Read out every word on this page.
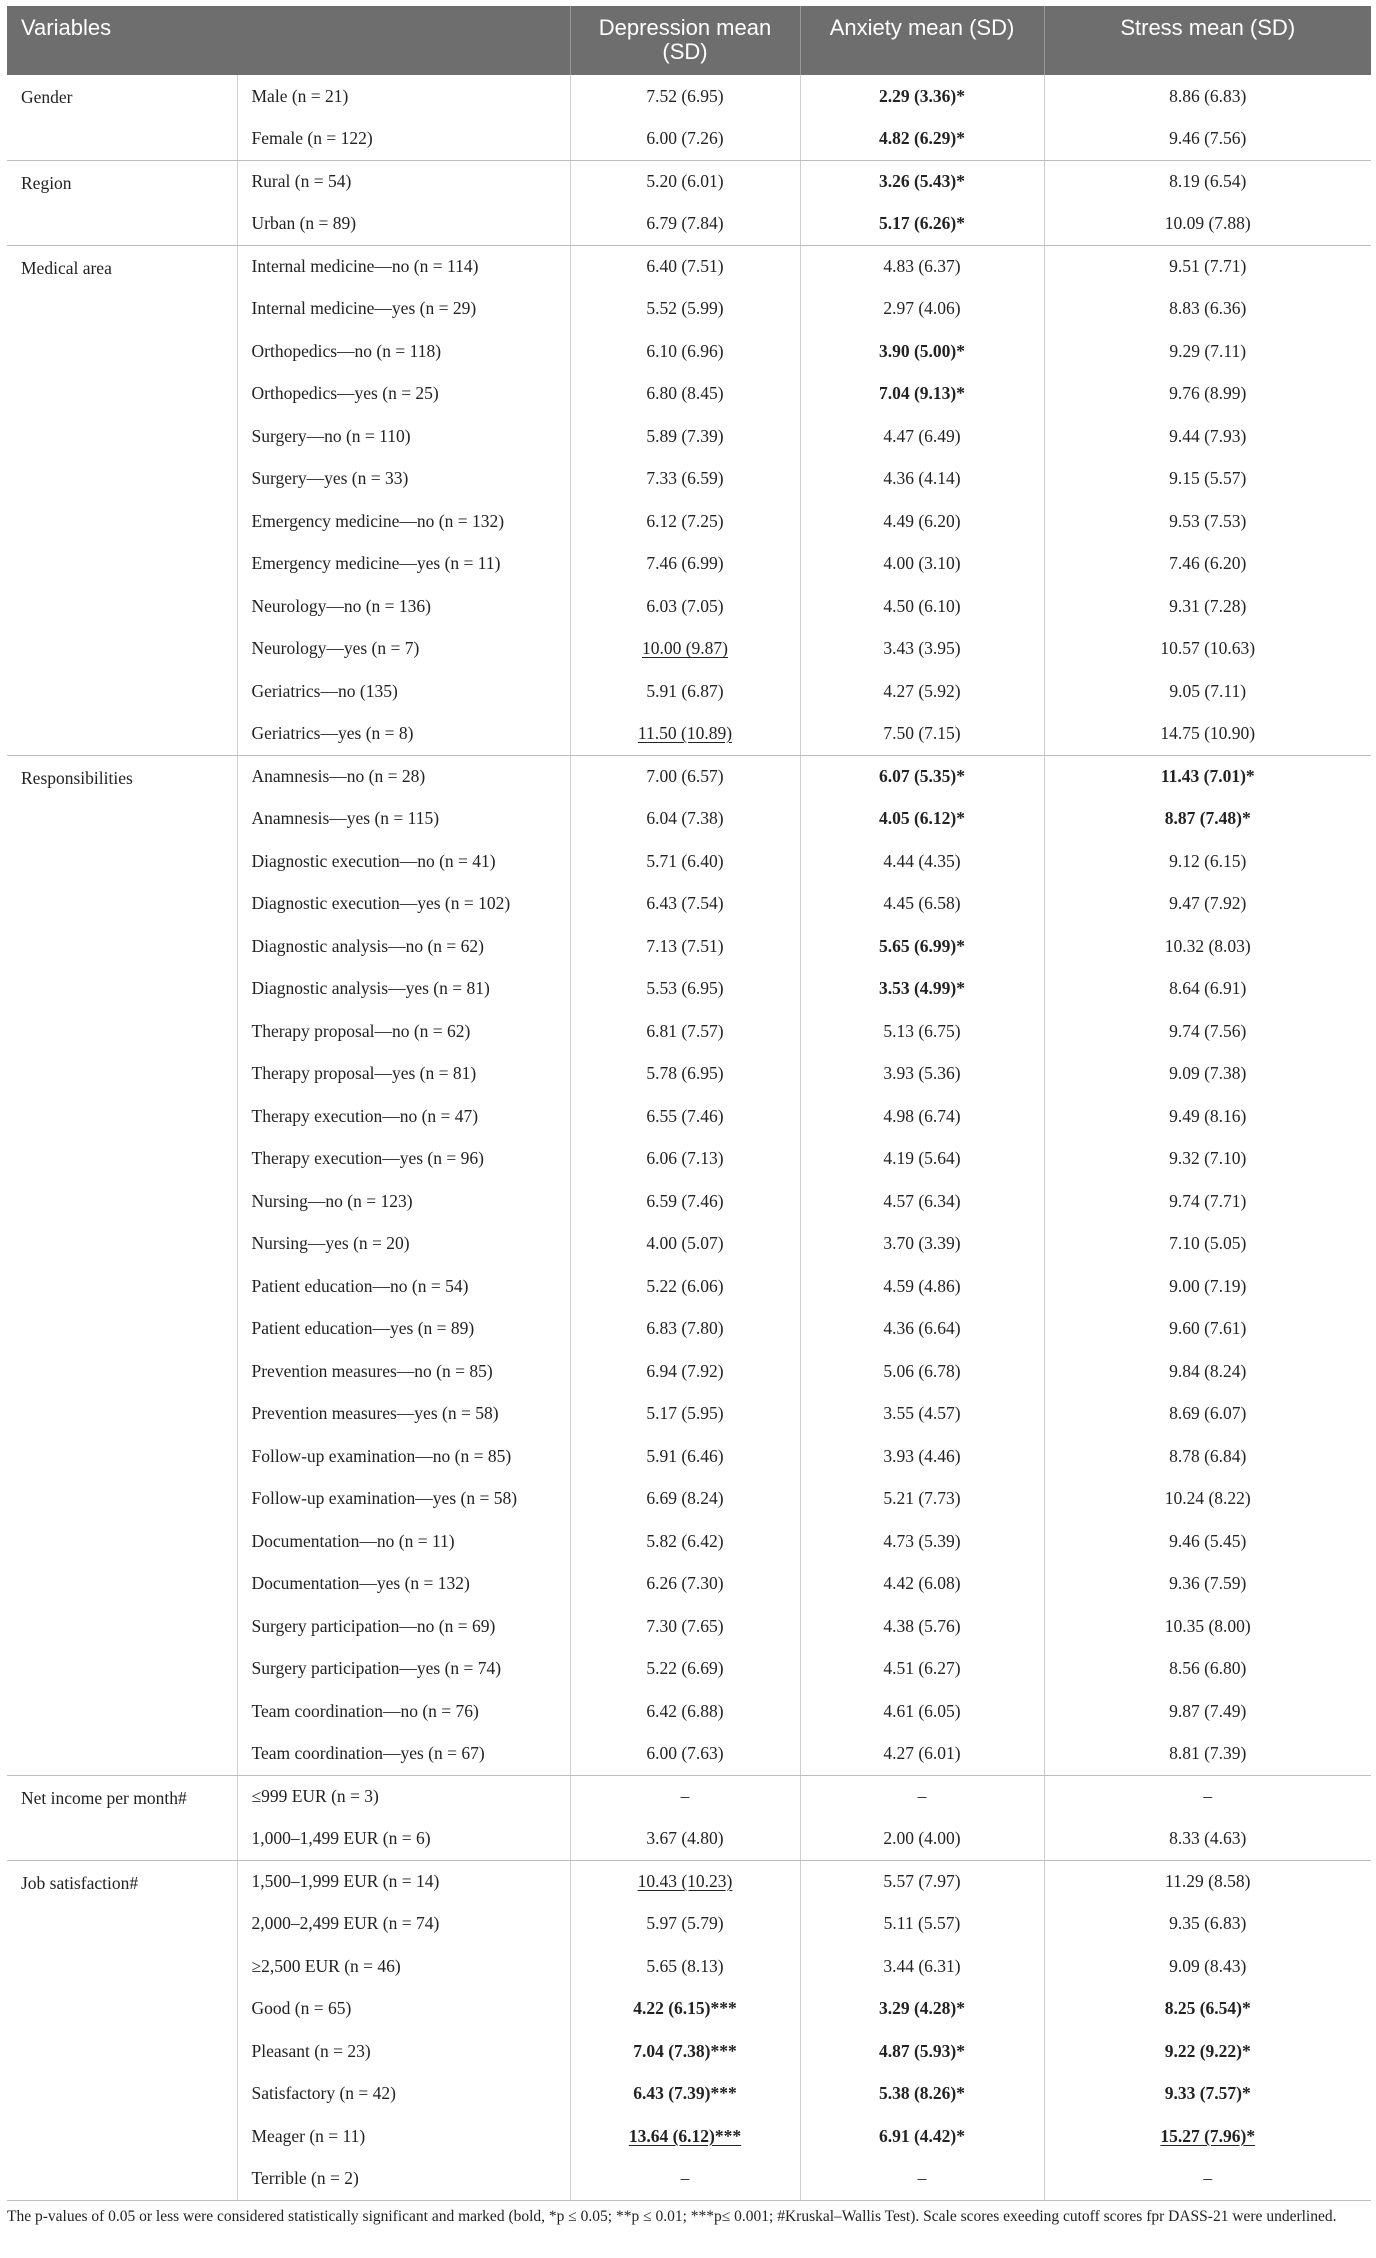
Variables		Depression mean (SD)	Anxiety mean (SD)	Stress mean (SD)
Gender	Male (n = 21)	7.52 (6.95)	2.29 (3.36)*	8.86 (6.83)
	Female (n = 122)	6.00 (7.26)	4.82 (6.29)*	9.46 (7.56)
Region	Rural (n = 54)	5.20 (6.01)	3.26 (5.43)*	8.19 (6.54)
	Urban (n = 89)	6.79 (7.84)	5.17 (6.26)*	10.09 (7.88)
Medical area	Internal medicine—no (n = 114)	6.40 (7.51)	4.83 (6.37)	9.51 (7.71)
	Internal medicine—yes (n = 29)	5.52 (5.99)	2.97 (4.06)	8.83 (6.36)
	Orthopedics—no (n = 118)	6.10 (6.96)	3.90 (5.00)*	9.29 (7.11)
	Orthopedics—yes (n = 25)	6.80 (8.45)	7.04 (9.13)*	9.76 (8.99)
	Surgery—no (n = 110)	5.89 (7.39)	4.47 (6.49)	9.44 (7.93)
	Surgery—yes (n = 33)	7.33 (6.59)	4.36 (4.14)	9.15 (5.57)
	Emergency medicine—no (n = 132)	6.12 (7.25)	4.49 (6.20)	9.53 (7.53)
	Emergency medicine—yes (n = 11)	7.46 (6.99)	4.00 (3.10)	7.46 (6.20)
	Neurology—no (n = 136)	6.03 (7.05)	4.50 (6.10)	9.31 (7.28)
	Neurology—yes (n = 7)	10.00 (9.87)	3.43 (3.95)	10.57 (10.63)
	Geriatrics—no (135)	5.91 (6.87)	4.27 (5.92)	9.05 (7.11)
	Geriatrics—yes (n = 8)	11.50 (10.89)	7.50 (7.15)	14.75 (10.90)
Responsibilities	Anamnesis—no (n = 28)	7.00 (6.57)	6.07 (5.35)*	11.43 (7.01)*
	Anamnesis—yes (n = 115)	6.04 (7.38)	4.05 (6.12)*	8.87 (7.48)*
	Diagnostic execution—no (n = 41)	5.71 (6.40)	4.44 (4.35)	9.12 (6.15)
	Diagnostic execution—yes (n = 102)	6.43 (7.54)	4.45 (6.58)	9.47 (7.92)
	Diagnostic analysis—no (n = 62)	7.13 (7.51)	5.65 (6.99)*	10.32 (8.03)
	Diagnostic analysis—yes (n = 81)	5.53 (6.95)	3.53 (4.99)*	8.64 (6.91)
	Therapy proposal—no (n = 62)	6.81 (7.57)	5.13 (6.75)	9.74 (7.56)
	Therapy proposal—yes (n = 81)	5.78 (6.95)	3.93 (5.36)	9.09 (7.38)
	Therapy execution—no (n = 47)	6.55 (7.46)	4.98 (6.74)	9.49 (8.16)
	Therapy execution—yes (n = 96)	6.06 (7.13)	4.19 (5.64)	9.32 (7.10)
	Nursing—no (n = 123)	6.59 (7.46)	4.57 (6.34)	9.74 (7.71)
	Nursing—yes (n = 20)	4.00 (5.07)	3.70 (3.39)	7.10 (5.05)
	Patient education—no (n = 54)	5.22 (6.06)	4.59 (4.86)	9.00 (7.19)
	Patient education—yes (n = 89)	6.83 (7.80)	4.36 (6.64)	9.60 (7.61)
	Prevention measures—no (n = 85)	6.94 (7.92)	5.06 (6.78)	9.84 (8.24)
	Prevention measures—yes (n = 58)	5.17 (5.95)	3.55 (4.57)	8.69 (6.07)
	Follow-up examination—no (n = 85)	5.91 (6.46)	3.93 (4.46)	8.78 (6.84)
	Follow-up examination—yes (n = 58)	6.69 (8.24)	5.21 (7.73)	10.24 (8.22)
	Documentation—no (n = 11)	5.82 (6.42)	4.73 (5.39)	9.46 (5.45)
	Documentation—yes (n = 132)	6.26 (7.30)	4.42 (6.08)	9.36 (7.59)
	Surgery participation—no (n = 69)	7.30 (7.65)	4.38 (5.76)	10.35 (8.00)
	Surgery participation—yes (n = 74)	5.22 (6.69)	4.51 (6.27)	8.56 (6.80)
	Team coordination—no (n = 76)	6.42 (6.88)	4.61 (6.05)	9.87 (7.49)
	Team coordination—yes (n = 67)	6.00 (7.63)	4.27 (6.01)	8.81 (7.39)
Net income per month#	≤999 EUR (n = 3)	–	–	–
	1,000–1,499 EUR (n = 6)	3.67 (4.80)	2.00 (4.00)	8.33 (4.63)
Job satisfaction#	1,500–1,999 EUR (n = 14)	10.43 (10.23)	5.57 (7.97)	11.29 (8.58)
	2,000–2,499 EUR (n = 74)	5.97 (5.79)	5.11 (5.57)	9.35 (6.83)
	≥2,500 EUR (n = 46)	5.65 (8.13)	3.44 (6.31)	9.09 (8.43)
	Good (n = 65)	4.22 (6.15)***	3.29 (4.28)*	8.25 (6.54)*
	Pleasant (n = 23)	7.04 (7.38)***	4.87 (5.93)*	9.22 (9.22)*
	Satisfactory (n = 42)	6.43 (7.39)***	5.38 (8.26)*	9.33 (7.57)*
	Meager (n = 11)	13.64 (6.12)***	6.91 (4.42)*	15.27 (7.96)*
	Terrible (n = 2)	–	–	–
The p-values of 0.05 or less were considered statistically significant and marked (bold, *p ≤ 0.05; **p ≤ 0.01; ***p≤ 0.001; #Kruskal–Wallis Test). Scale scores exeeding cutoff scores fpr DASS-21 were underlined.
